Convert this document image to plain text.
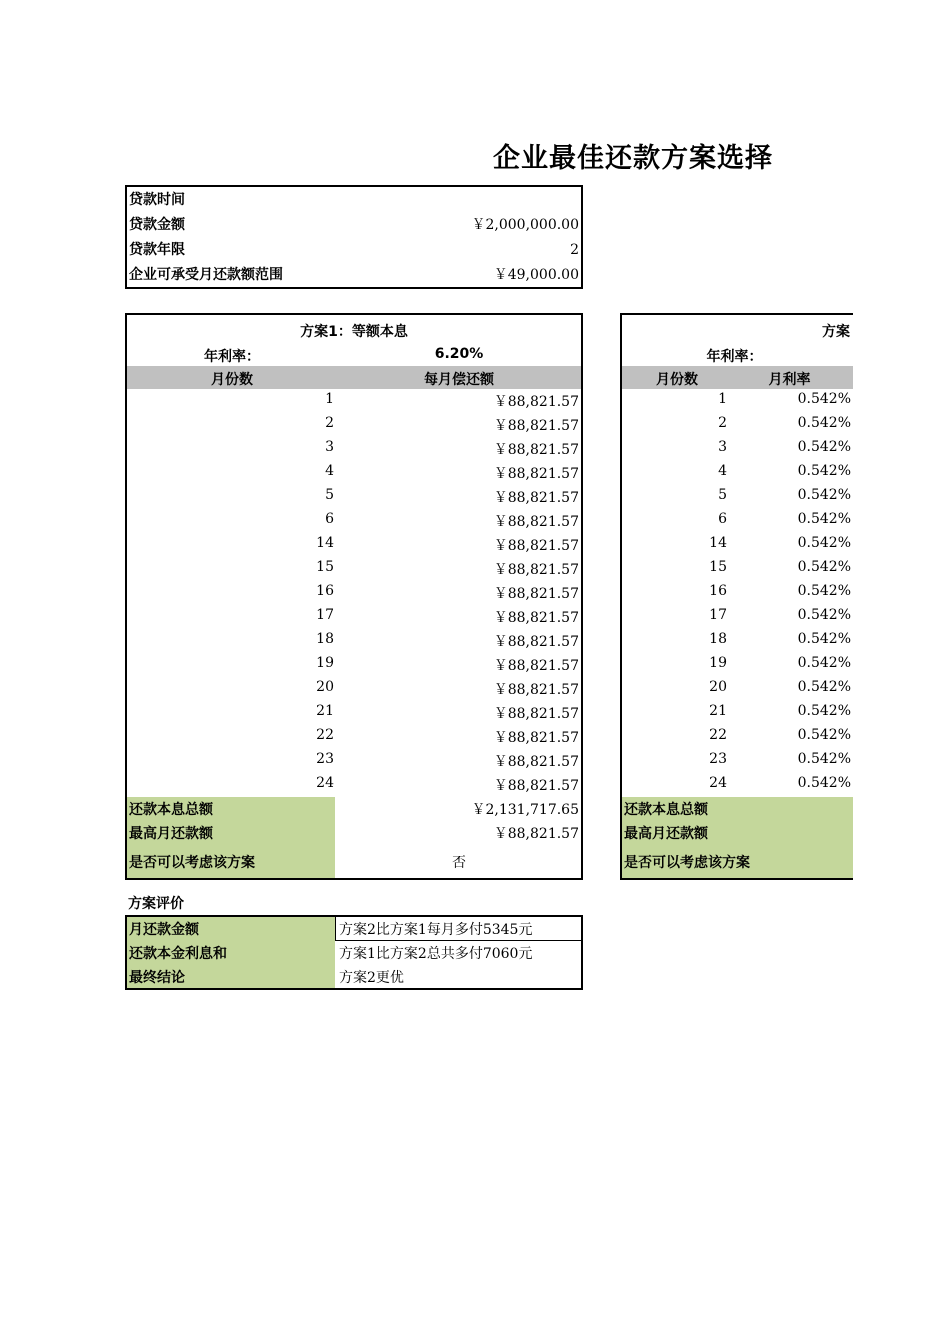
企业最佳还款方案选择
贷款时间
贷款金额	￥2,000,000.00
贷款年限	2
企业可承受月还款额范围	￥49,000.00
方案1：等额本息
年利率：	6.20%
月份数	每月偿还额
1	￥88,821.57
2	￥88,821.57
3	￥88,821.57
4	￥88,821.57
5	￥88,821.57
6	￥88,821.57
14	￥88,821.57
15	￥88,821.57
16	￥88,821.57
17	￥88,821.57
18	￥88,821.57
19	￥88,821.57
20	￥88,821.57
21	￥88,821.57
22	￥88,821.57
23	￥88,821.57
24	￥88,821.57
还款本息总额	￥2,131,717.65
最高月还款额	￥88,821.57
是否可以考虑该方案	否
方案
年利率：
月份数	月利率
1	0.542%
2	0.542%
3	0.542%
4	0.542%
5	0.542%
6	0.542%
14	0.542%
15	0.542%
16	0.542%
17	0.542%
18	0.542%
19	0.542%
20	0.542%
21	0.542%
22	0.542%
23	0.542%
24	0.542%
还款本息总额
最高月还款额
是否可以考虑该方案
方案评价
月还款金额	方案2比方案1每月多付5345元
还款本金利息和	方案1比方案2总共多付7060元
最终结论	方案2更优
